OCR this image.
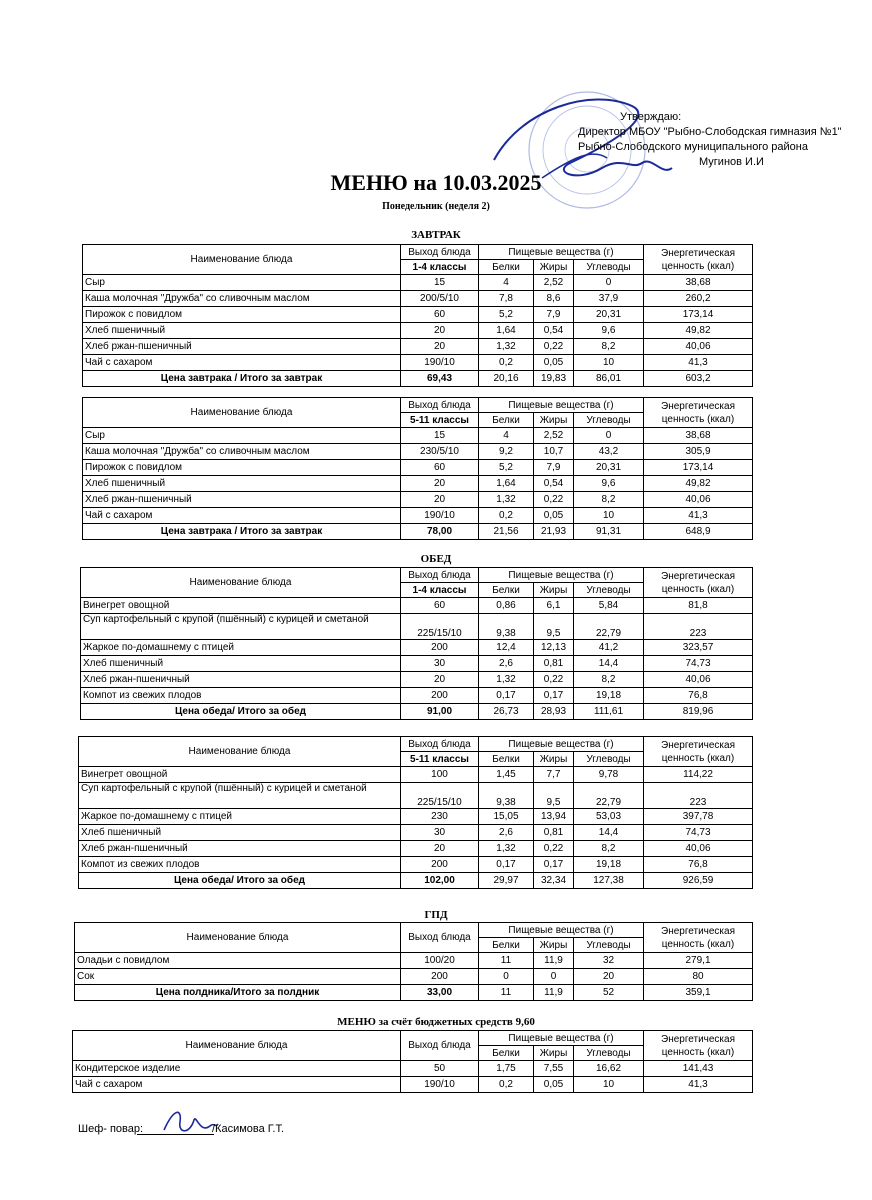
Утверждаю:
Директор МБОУ "Рыбно-Слободская гимназия №1"
Рыбно-Слободского муниципального района
Мугинов И.И
МЕНЮ на 10.03.2025
Понедельник (неделя 2)
ЗАВТРАК
Наименование блюда	Выход блюда	Пищевые вещества (г)			Энергетическая ценность (ккал)
	1-4 классы	Белки	Жиры	Углеводы	
Сыр	15	4	2,52	0	38,68
Каша молочная "Дружба" со сливочным маслом	200/5/10	7,8	8,6	37,9	260,2
Пирожок с повидлом	60	5,2	7,9	20,31	173,14
Хлеб пшеничный	20	1,64	0,54	9,6	49,82
Хлеб ржан-пшеничный	20	1,32	0,22	8,2	40,06
Чай с сахаром	190/10	0,2	0,05	10	41,3
Цена завтрака / Итого за завтрак	69,43	20,16	19,83	86,01	603,2
Наименование блюда	Выход блюда	Пищевые вещества (г)			Энергетическая ценность (ккал)
	5-11 классы	Белки	Жиры	Углеводы	
Сыр	15	4	2,52	0	38,68
Каша молочная "Дружба" со сливочным маслом	230/5/10	9,2	10,7	43,2	305,9
Пирожок с повидлом	60	5,2	7,9	20,31	173,14
Хлеб пшеничный	20	1,64	0,54	9,6	49,82
Хлеб ржан-пшеничный	20	1,32	0,22	8,2	40,06
Чай с сахаром	190/10	0,2	0,05	10	41,3
Цена завтрака / Итого за завтрак	78,00	21,56	21,93	91,31	648,9
ОБЕД
Наименование блюда	Выход блюда	Пищевые вещества (г)			Энергетическая ценность (ккал)
	1-4 классы	Белки	Жиры	Углеводы	
Винегрет овощной	60	0,86	6,1	5,84	81,8
Суп картофельный с крупой (пшённый) с курицей и сметаной	225/15/10	9,38	9,5	22,79	223
Жаркое по-домашнему с птицей	200	12,4	12,13	41,2	323,57
Хлеб пшеничный	30	2,6	0,81	14,4	74,73
Хлеб ржан-пшеничный	20	1,32	0,22	8,2	40,06
Компот из свежих плодов	200	0,17	0,17	19,18	76,8
Цена обеда/ Итого за обед	91,00	26,73	28,93	111,61	819,96
Наименование блюда	Выход блюда	Пищевые вещества (г)			Энергетическая ценность (ккал)
	5-11 классы	Белки	Жиры	Углеводы	
Винегрет овощной	100	1,45	7,7	9,78	114,22
Суп картофельный с крупой (пшённый) с курицей и сметаной	225/15/10	9,38	9,5	22,79	223
Жаркое по-домашнему с птицей	230	15,05	13,94	53,03	397,78
Хлеб пшеничный	30	2,6	0,81	14,4	74,73
Хлеб ржан-пшеничный	20	1,32	0,22	8,2	40,06
Компот из свежих плодов	200	0,17	0,17	19,18	76,8
Цена обеда/ Итого за обед	102,00	29,97	32,34	127,38	926,59
ГПД
Наименование блюда	Выход блюда	Пищевые вещества (г)			Энергетическая ценность (ккал)
		Белки	Жиры	Углеводы	
Оладьи с повидлом	100/20	11	11,9	32	279,1
Сок	200	0	0	20	80
Цена полдника/Итого за полдник	33,00	11	11,9	52	359,1
МЕНЮ за счёт бюджетных средств 9,60
Наименование блюда	Выход блюда	Пищевые вещества (г)			Энергетическая ценность (ккал)
		Белки	Жиры	Углеводы	
Кондитерское изделие	50	1,75	7,55	16,62	141,43
Чай с сахаром	190/10	0,2	0,05	10	41,3
Шеф- повар:	/Касимова Г.Т.
